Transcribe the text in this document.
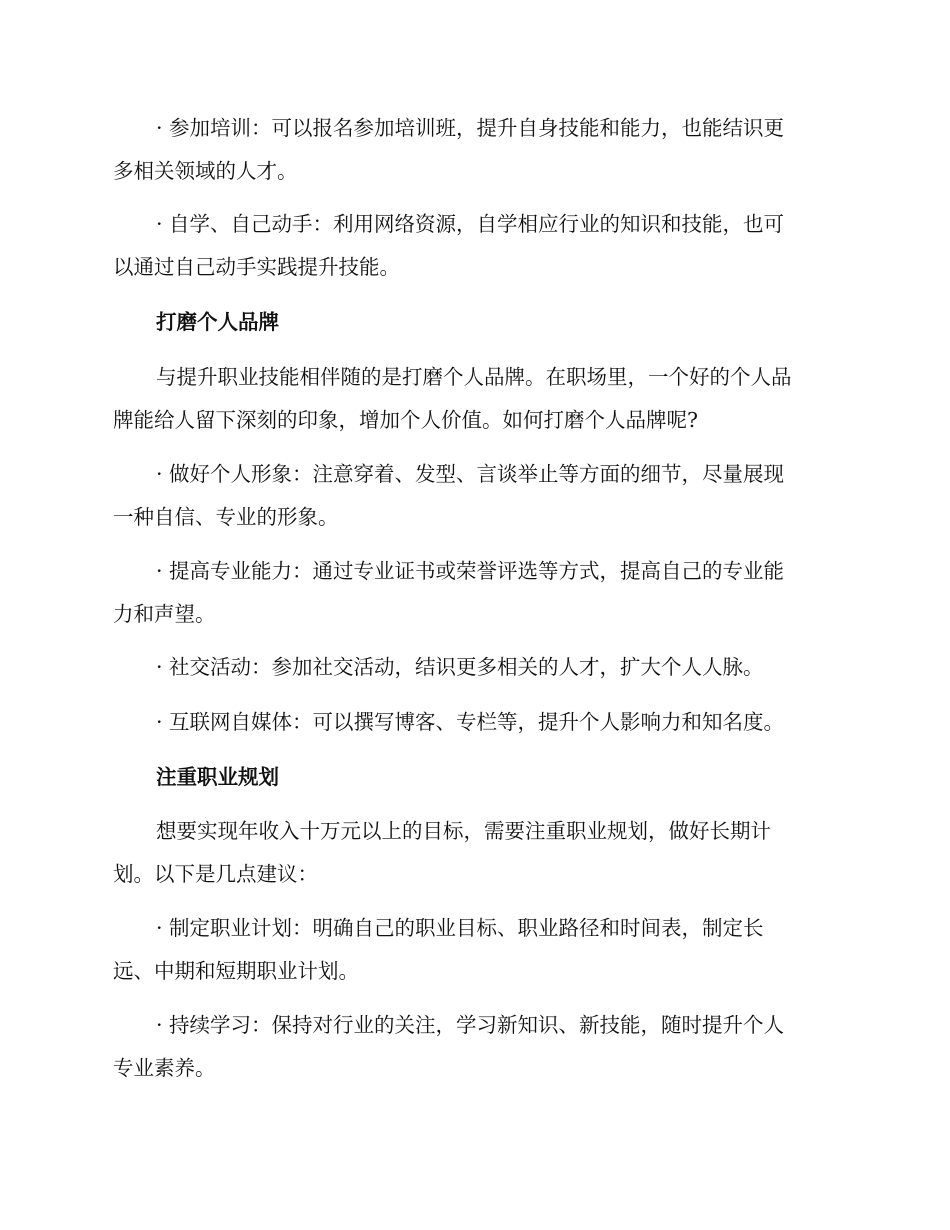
· 参加培训：可以报名参加培训班，提升自身技能和能力，也能结识更
多相关领域的人才。
· 自学、自己动手：利用网络资源，自学相应行业的知识和技能，也可
以通过自己动手实践提升技能。
打磨个人品牌
与提升职业技能相伴随的是打磨个人品牌。在职场里，一个好的个人品
牌能给人留下深刻的印象，增加个人价值。如何打磨个人品牌呢?
· 做好个人形象：注意穿着、发型、言谈举止等方面的细节，尽量展现
一种自信、专业的形象。
· 提高专业能力：通过专业证书或荣誉评选等方式，提高自己的专业能
力和声望。
· 社交活动：参加社交活动，结识更多相关的人才，扩大个人人脉。
· 互联网自媒体：可以撰写博客、专栏等，提升个人影响力和知名度。
注重职业规划
想要实现年收入十万元以上的目标，需要注重职业规划，做好长期计
划。以下是几点建议：
· 制定职业计划：明确自己的职业目标、职业路径和时间表，制定长
远、中期和短期职业计划。
· 持续学习：保持对行业的关注，学习新知识、新技能，随时提升个人
专业素养。
